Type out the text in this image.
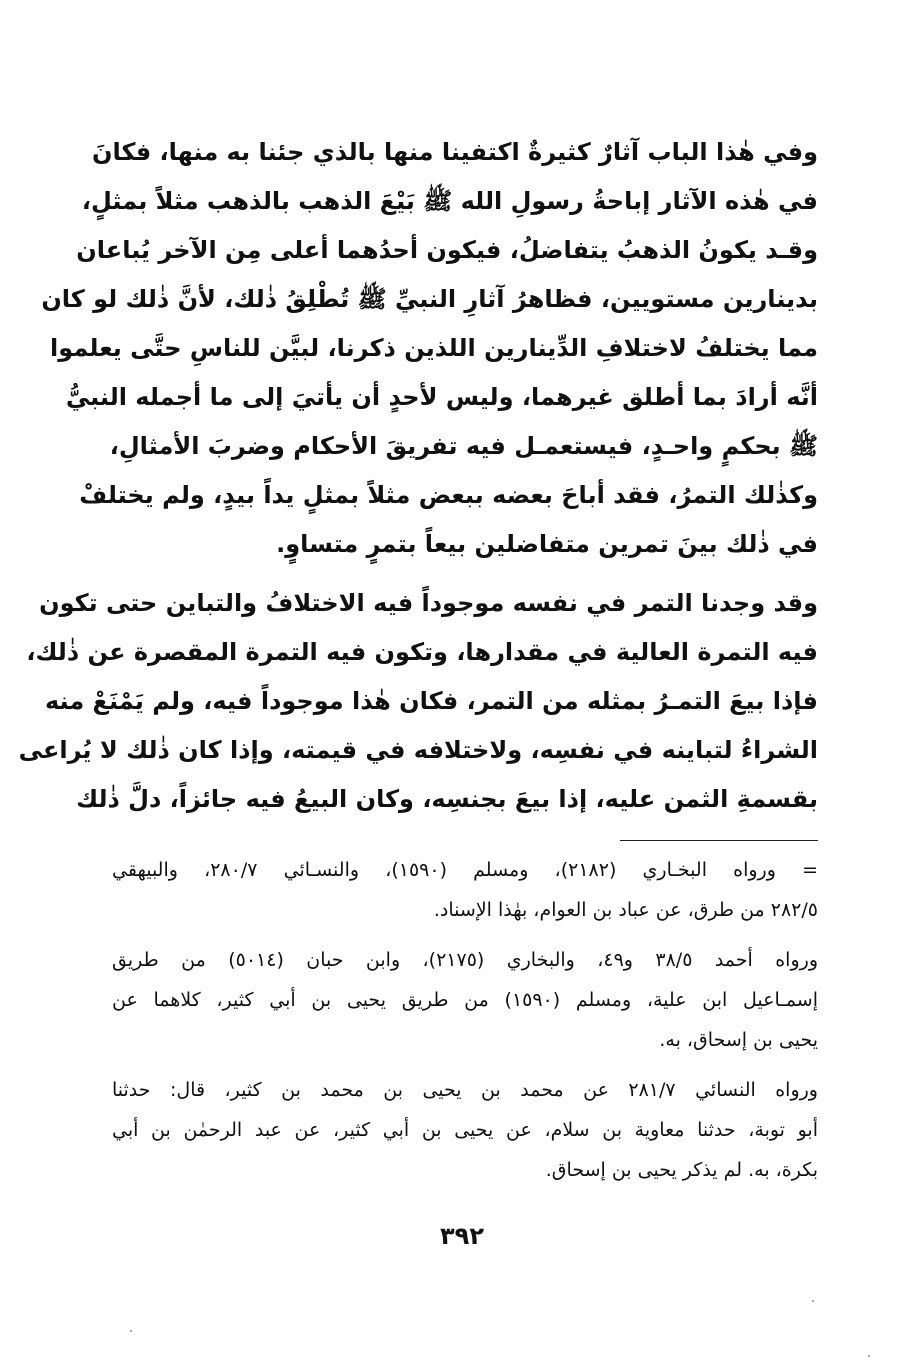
وفي هٰذا الباب آثارٌ كثيرةٌ اكتفينا منها بالذي جئنا به منها، فكانَ
في هٰذه الآثار إباحةُ رسولِ الله ﷺ بَيْعَ الذهب بالذهب مثلاً بمثلٍ،
وقـد يكونُ الذهبُ يتفاضلُ، فيكون أحدُهما أعلى مِن الآخر يُباعان
بدينارين مستويين، فظاهرُ آثارِ النبيِّ ﷺ تُطْلِقُ ذٰلك، لأنَّ ذٰلك لو كان
مما يختلفُ لاختلافِ الدِّينارين اللذين ذكرنا، لبيَّن للناسِ حتَّى يعلموا
أنَّه أرادَ بما أطلق غيرهما، وليس لأحدٍ أن يأتيَ إلى ما أجمله النبيُّ
ﷺ بحكمٍ واحـدٍ، فيستعمـل فيه تفريقَ الأحكام وضربَ الأمثالِ،
وكذٰلك التمرُ، فقد أباحَ بعضه ببعض مثلاً بمثلٍ يداً بيدٍ، ولم يختلفْ
في ذٰلك بينَ تمرين متفاضلين بيعاً بتمرٍ متساوٍ.
وقد وجدنا التمر في نفسه موجوداً فيه الاختلافُ والتباين حتى تكون
فيه التمرة العالية في مقدارها، وتكون فيه التمرة المقصرة عن ذٰلك،
فإذا بيعَ التمـرُ بمثله من التمر، فكان هٰذا موجوداً فيه، ولم يَمْنَعْ منه
الشراءُ لتباينه في نفسِه، ولاختلافه في قيمته، وإذا كان ذٰلك لا يُراعى
بقسمةِ الثمن عليه، إذا بيعَ بجنسِه، وكان البيعُ فيه جائزاً، دلَّ ذٰلك
= ورواه البخـاري (٢١٨٢)، ومسلم (١٥٩٠)، والنسـائي ٢٨٠/٧، والبيهقي
٢٨٢/٥ من طرق، عن عباد بن العوام، بهٰذا الإسناد.
ورواه أحمد ٣٨/٥ و٤٩، والبخاري (٢١٧٥)، وابن حبان (٥٠١٤) من طريق
إسمـاعيل ابن علية، ومسلم (١٥٩٠) من طريق يحيى بن أبي كثير، كلاهما عن
يحيى بن إسحاق، به.
ورواه النسائي ٢٨١/٧ عن محمد بن يحيى بن محمد بن كثير، قال: حدثنا
أبو توبة، حدثنا معاوية بن سلام، عن يحيى بن أبي كثير، عن عبد الرحمٰن بن أبي
بكرة، به. لم يذكر يحيى بن إسحاق.
٣٩٢
